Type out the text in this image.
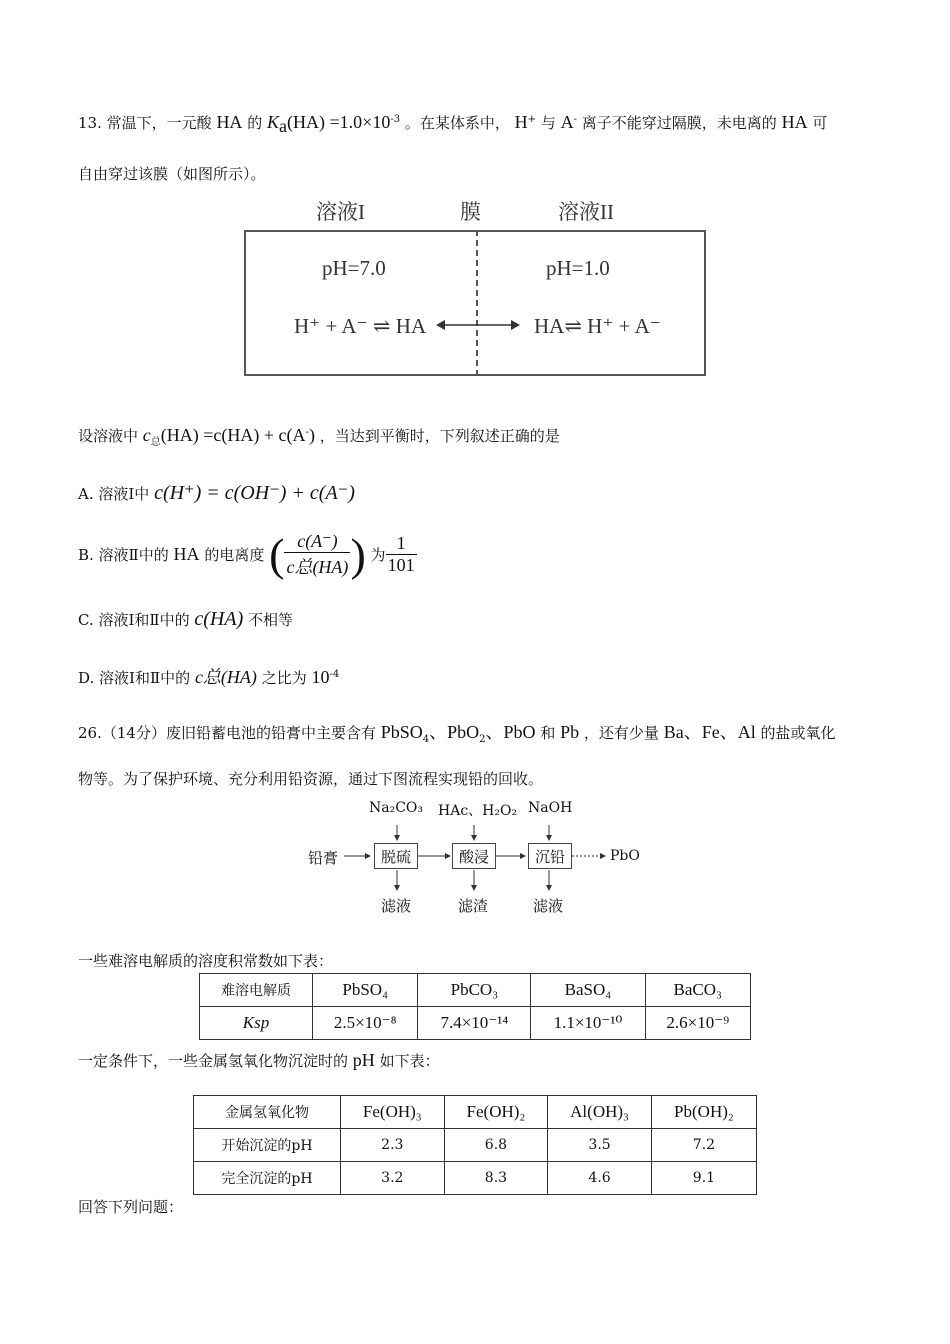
13. 常温下，一元酸 HA 的 $K_a(HA) =1.0\times 10^{-3}$ 。在某体系中， H+ 与 A- 离子不能穿过隔膜，未电离的 HA 可
自由穿过该膜（如图所示）。
溶液I	膜	溶液II
pH=7.0	pH=1.0
H⁺ + A⁻ ⇌ HA	HA⇌ H⁺ + A⁻
设溶液中 $c_总(HA) =c(HA) + c(A^-)$ ，当达到平衡时，下列叙述正确的是
A. 溶液Ⅰ中 c(H⁺) = c(OH⁻) + c(A⁻)
B. 溶液Ⅱ中的 HA 的电离度 ( $\frac{c(A^-)}{\text{c总(HA)}}$ ) 为 $\frac{1}{101}$
C. 溶液Ⅰ和Ⅱ中的 c(HA) 不相等
D. 溶液Ⅰ和Ⅱ中的 c总(HA) 之比为 $10^{-4}$
26.（14分）废旧铅蓄电池的铅膏中主要含有 PbSO$_4$、PbO$_2$、PbO 和 Pb ，还有少量 Ba、Fe、Al 的盐或氧化
物等。为了保护环境、充分利用铅资源，通过下图流程实现铅的回收。
Na₂CO₃ HAc、H₂O₂ NaOH
铅膏	脱硫	酸浸	沉铅	PbO
滤液	滤渣	滤液
一些难溶电解质的溶度积常数如下表：
难溶电解质	PbSO₄	PbCO₃	BaSO₄	BaCO₃
Ksp	2.5×10⁻⁸	7.4×10⁻¹⁴	1.1×10⁻¹⁰	2.6×10⁻⁹
一定条件下，一些金属氢氧化物沉淀时的 pH 如下表：
金属氢氧化物	Fe(OH)₃	Fe(OH)₂	Al(OH)₃	Pb(OH)₂
开始沉淀的pH	2.3	6.8	3.5	7.2
完全沉淀的pH	3.2	8.3	4.6	9.1
回答下列问题：
